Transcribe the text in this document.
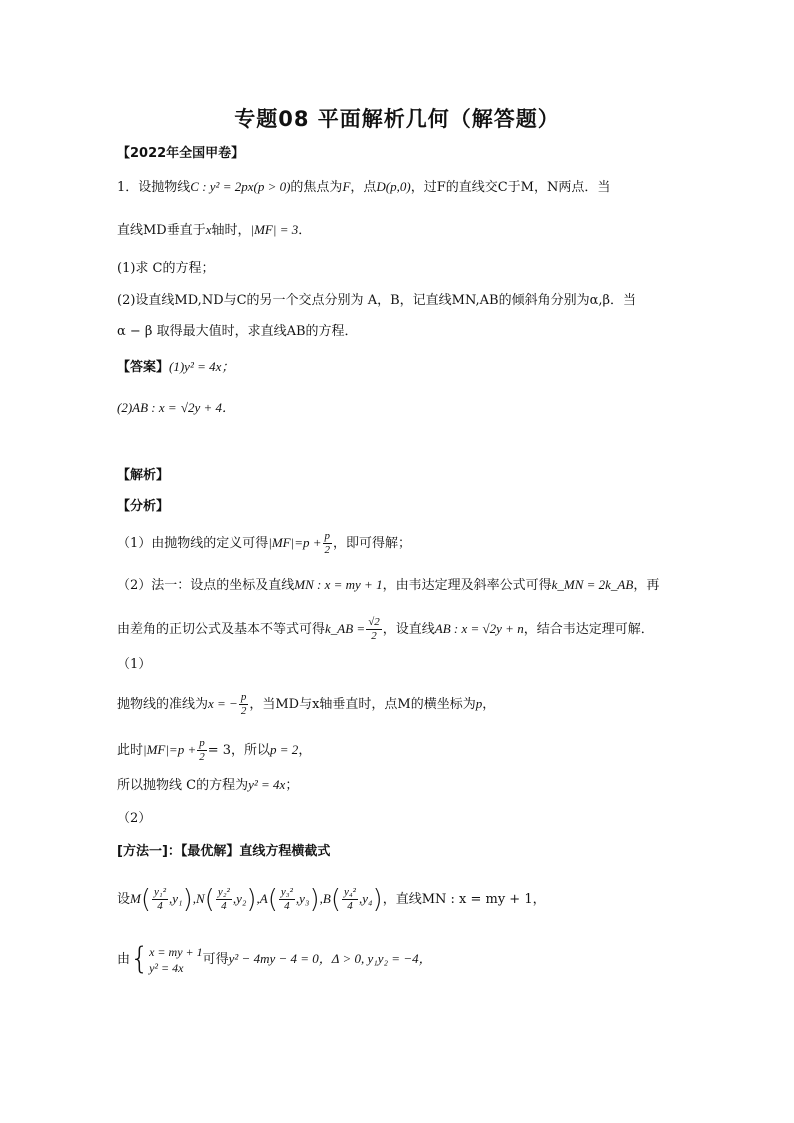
专题08 平面解析几何（解答题）
【2022年全国甲卷】
1．设抛物线C : y² = 2px(p > 0)的焦点为F，点D(p,0)，过F的直线交C于M，N两点．当
直线MD垂直于x轴时，|MF| = 3．
(1)求 C的方程；
(2)设直线MD,ND与C的另一个交点分别为 A，B，记直线MN,AB的倾斜角分别为α,β．当
α − β 取得最大值时，求直线AB的方程．
【答案】(1)y² = 4x；
(2)AB : x = √2y + 4．
【解析】
【分析】
（1）由抛物线的定义可得$|MF|=p + \frac{p}{2}$ ，即可得解；
（2）法一：设点的坐标及直线MN : x = my + 1，由韦达定理及斜率公式可得k_MN = 2k_AB，再
由差角的正切公式及基本不等式可得k_AB = $\frac{√2}{2}$ ，设直线AB : x = √2y + n，结合韦达定理可解．
（1）
抛物线的准线为x = − $\frac{p}{2}$ ，当MD与x轴垂直时，点M的横坐标为p，
此时$|MF|=p + \frac{p}{2} = 3$，所以p = 2，
所以抛物线 C的方程为y² = 4x；
（2）
[方法一]：【最优解】直线方程横截式
设$M( \frac{\text{y₁²}}{4} ,y_1),N( \frac{\text{y₂²}}{4} ,y_2),A( \frac{\text{y₃²}}{4} ,y_3),B( \frac{\text{y₄²}}{4} ,y_4)$，直线MN : x = my + 1，
由{ x = my + 1
y² = 4x
可得y² − 4my − 4 = 0，Δ > 0, y₁y₂ = −4，
